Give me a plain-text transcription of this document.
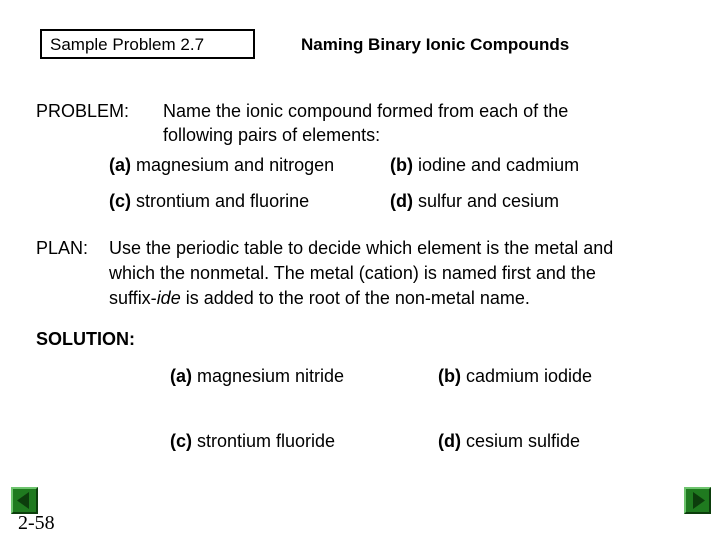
Sample Problem 2.7	Naming Binary Ionic Compounds
PROBLEM: Name the ionic compound formed from each of the
following pairs of elements:
(a) magnesium and nitrogen	(b) iodine and cadmium
(c) strontium and fluorine	(d) sulfur and cesium
PLAN: Use the periodic table to decide which element is the metal and
which the nonmetal. The metal (cation) is named first and the
suffix-ide is added to the root of the non-metal name.
SOLUTION:
(a) magnesium nitride	(b) cadmium iodide
(c) strontium fluoride	(d) cesium sulfide
2-58
